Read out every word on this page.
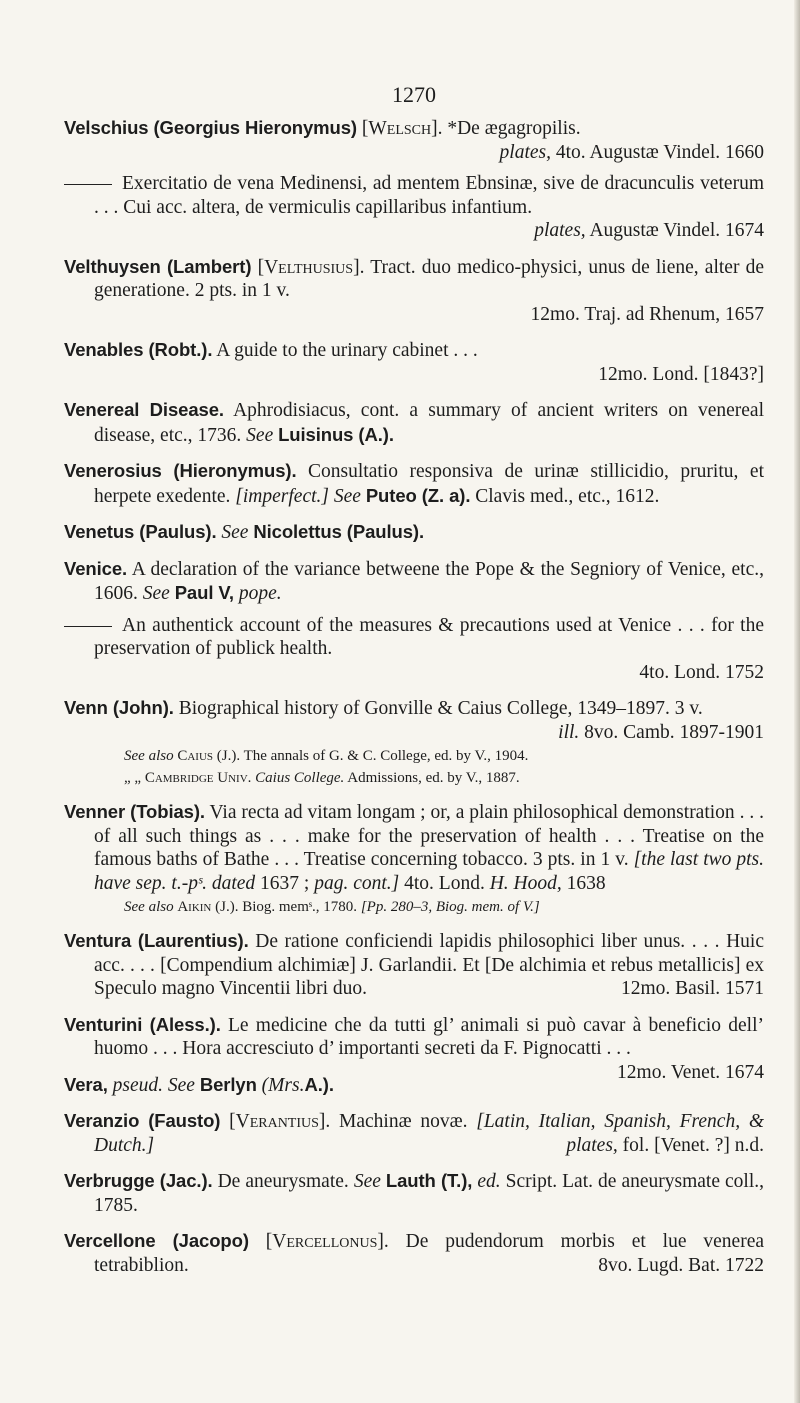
1270
Velschius (Georgius Hieronymus) [Welsch]. *De ægagropilis.
plates, 4to. Augustæ Vindel. 1660
Exercitatio de vena Medinensi, ad mentem Ebnsinæ, sive de dracunculis veterum . . . Cui acc. altera, de vermiculis capillaribus infantium.
plates, Augustæ Vindel. 1674
Velthuysen (Lambert) [Velthusius]. Tract. duo medico-physici, unus de liene, alter de generatione. 2 pts. in 1 v.
12mo. Traj. ad Rhenum, 1657
Venables (Robt.). A guide to the urinary cabinet . . .
12mo. Lond. [1843?]
Venereal Disease. Aphrodisiacus, cont. a summary of ancient writers on venereal disease, etc., 1736. See Luisinus (A.).
Venerosius (Hieronymus). Consultatio responsiva de urinæ stillicidio, pruritu, et herpete exedente. [imperfect.] See Puteo (Z. a). Clavis med., etc., 1612.
Venetus (Paulus). See Nicolettus (Paulus).
Venice. A declaration of the variance betweene the Pope & the Segniory of Venice, etc., 1606. See Paul V, pope.
An authentick account of the measures & precautions used at Venice . . . for the preservation of publick health.
4to. Lond. 1752
Venn (John). Biographical history of Gonville & Caius College, 1349–1897. 3 v.
ill. 8vo. Camb. 1897-1901
See also Caius (J.). The annals of G. & C. College, ed. by V., 1904.
„ „ Cambridge Univ. Caius College. Admissions, ed. by V., 1887.
Venner (Tobias). Via recta ad vitam longam ; or, a plain philosophical demonstration . . . of all such things as . . . make for the preservation of health . . . Treatise on the famous baths of Bathe . . . Treatise concerning tobacco. 3 pts. in 1 v. [the last two pts. have sep. t.-pˢ. dated 1637 ; pag. cont.] 4to. Lond. H. Hood, 1638
See also Aikin (J.). Biog. memˢ., 1780. [Pp. 280–3, Biog. mem. of V.]
Ventura (Laurentius). De ratione conficiendi lapidis philosophici liber unus. . . . Huic acc. . . . [Compendium alchimiæ] J. Garlandii. Et [De alchimia et rebus metallicis] ex Speculo magno Vincentii libri duo.	12mo. Basil. 1571
Venturini (Aless.). Le medicine che da tutti gl’ animali si può cavar à beneficio dell’ huomo . . . Hora accresciuto d’ importanti secreti da F. Pignocatti . . .
12mo. Venet. 1674
Vera, pseud. See Berlyn (Mrs.A.).
Veranzio (Fausto) [Verantius]. Machinæ novæ. [Latin, Italian, Spanish, French, & Dutch.]	plates, fol. [Venet. ?] n.d.
Verbrugge (Jac.). De aneurysmate. See Lauth (T.), ed. Script. Lat. de aneurysmate coll., 1785.
Vercellone (Jacopo) [Vercellonus]. De pudendorum morbis et lue venerea tetrabiblion.	8vo. Lugd. Bat. 1722
